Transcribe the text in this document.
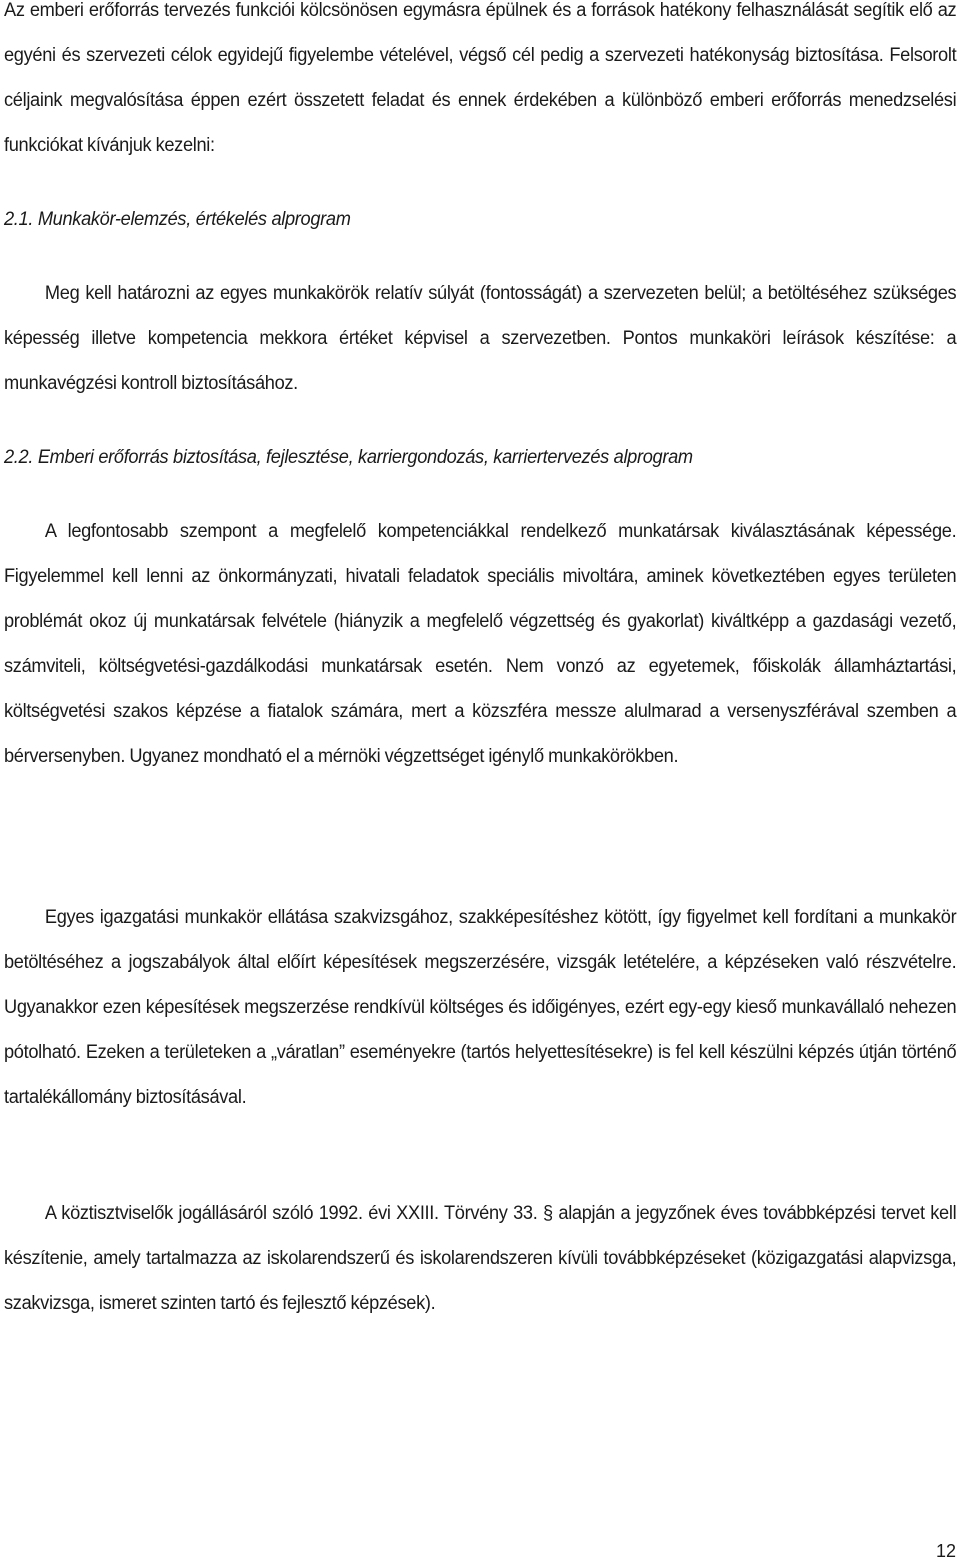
Az emberi erőforrás tervezés funkciói kölcsönösen egymásra épülnek és a források hatékony felhasználását segítik elő az egyéni és szervezeti célok egyidejű figyelembe vételével, végső cél pedig a szervezeti hatékonyság biztosítása. Felsorolt céljaink megvalósítása éppen ezért összetett feladat és ennek érdekében a különböző emberi erőforrás menedzselési funkciókat kívánjuk kezelni:

2.1. Munkakör-elemzés, értékelés alprogram

Meg kell határozni az egyes munkakörök relatív súlyát (fontosságát) a szervezeten belül; a betöltéséhez szükséges képesség illetve kompetencia mekkora értéket képvisel a szervezetben. Pontos munkaköri leírások készítése: a munkavégzési kontroll biztosításához.

2.2. Emberi erőforrás biztosítása, fejlesztése, karriergondozás, karriertervezés alprogram

A legfontosabb szempont a megfelelő kompetenciákkal rendelkező munkatársak kiválasztásának képessége. Figyelemmel kell lenni az önkormányzati, hivatali feladatok speciális mivoltára, aminek következtében egyes területen problémát okoz új munkatársak felvétele (hiányzik a megfelelő végzettség és gyakorlat) kiváltképp a gazdasági vezető, számviteli, költségvetési-gazdálkodási munkatársak esetén. Nem vonzó az egyetemek, főiskolák államháztartási, költségvetési szakos képzése a fiatalok számára, mert a közszféra messze alulmarad a versenyszférával szemben a bérversenyben. Ugyanez mondható el a mérnöki végzettséget igénylő munkakörökben.

Egyes igazgatási munkakör ellátása szakvizsgához, szakképesítéshez kötött, így figyelmet kell fordítani a munkakör betöltéséhez a jogszabályok által előírt képesítések megszerzésére, vizsgák letételére, a képzéseken való részvételre. Ugyanakkor ezen képesítések megszerzése rendkívül költséges és időigényes, ezért egy-egy kieső munkavállaló nehezen pótolható. Ezeken a területeken a „váratlan” eseményekre (tartós helyettesítésekre) is fel kell készülni képzés útján történő tartalékállomány biztosításával.

A köztisztviselők jogállásáról szóló 1992. évi XXIII. Törvény 33. § alapján a jegyzőnek éves továbbképzési tervet kell készítenie, amely tartalmazza az iskolarendszerű és iskolarendszeren kívüli továbbképzéseket (közigazgatási alapvizsga, szakvizsga, ismeret szinten tartó és fejlesztő képzések).

12
